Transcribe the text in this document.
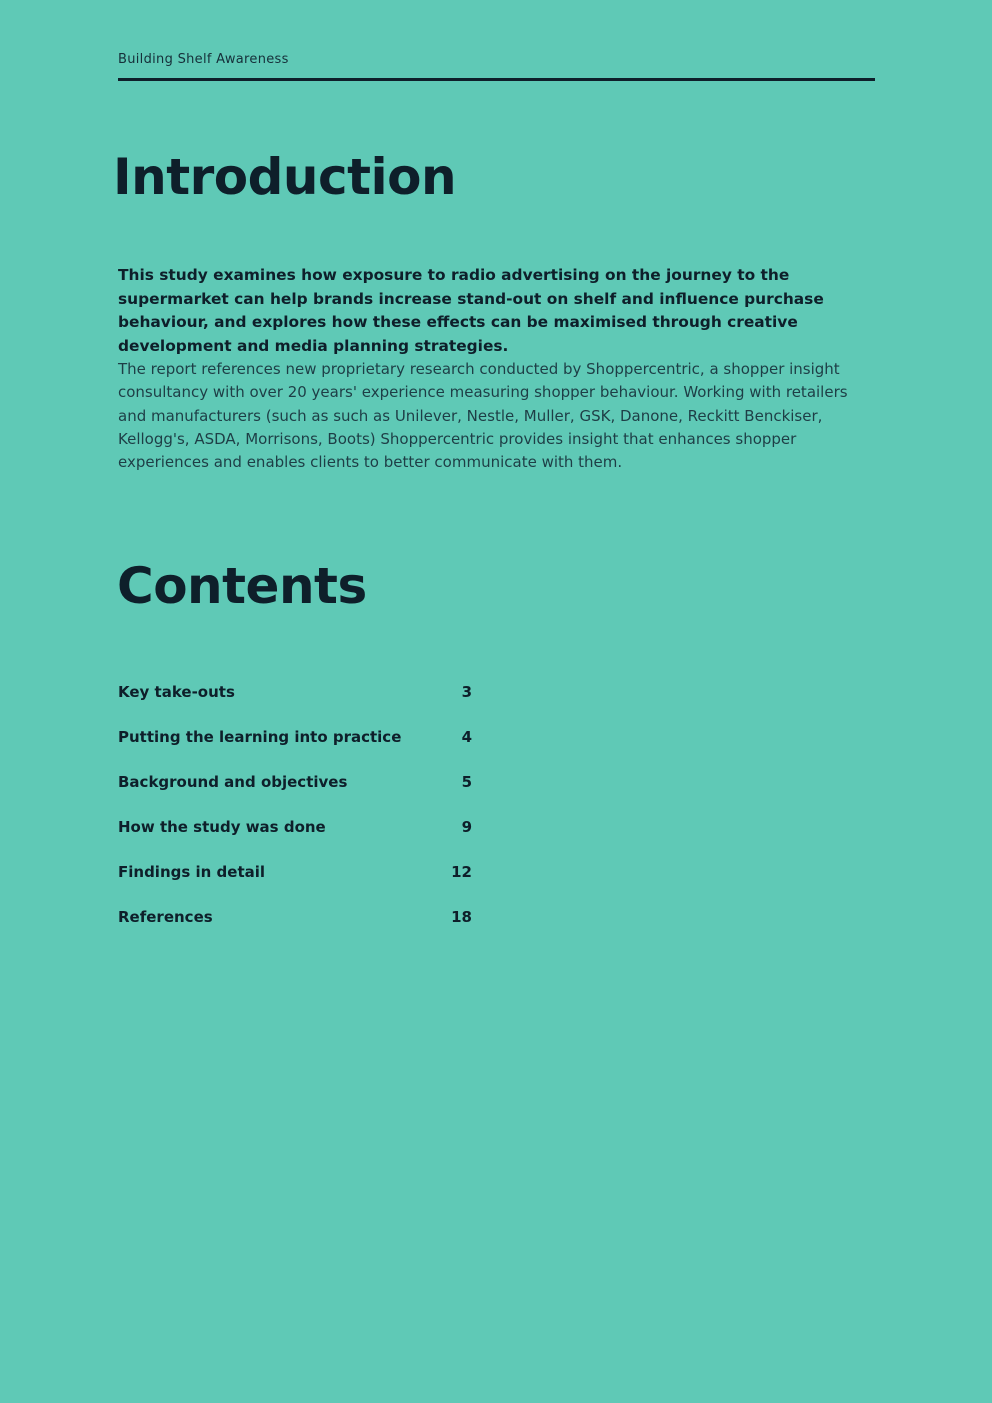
Building Shelf Awareness
Introduction

This study examines how exposure to radio advertising on the journey to the supermarket can help brands increase stand-out on shelf and influence purchase behaviour, and explores how these effects can be maximised through creative development and media planning strategies.

The report references new proprietary research conducted by Shoppercentric, a shopper insight consultancy with over 20 years' experience measuring shopper behaviour. Working with retailers and manufacturers (such as such as Unilever, Nestle, Muller, GSK, Danone, Reckitt Benckiser, Kellogg's, ASDA, Morrisons, Boots) Shoppercentric provides insight that enhances shopper experiences and enables clients to better communicate with them.

Contents
Key take-outs	3
Putting the learning into practice	4
Background and objectives	5
How the study was done	9
Findings in detail	12
References	18
